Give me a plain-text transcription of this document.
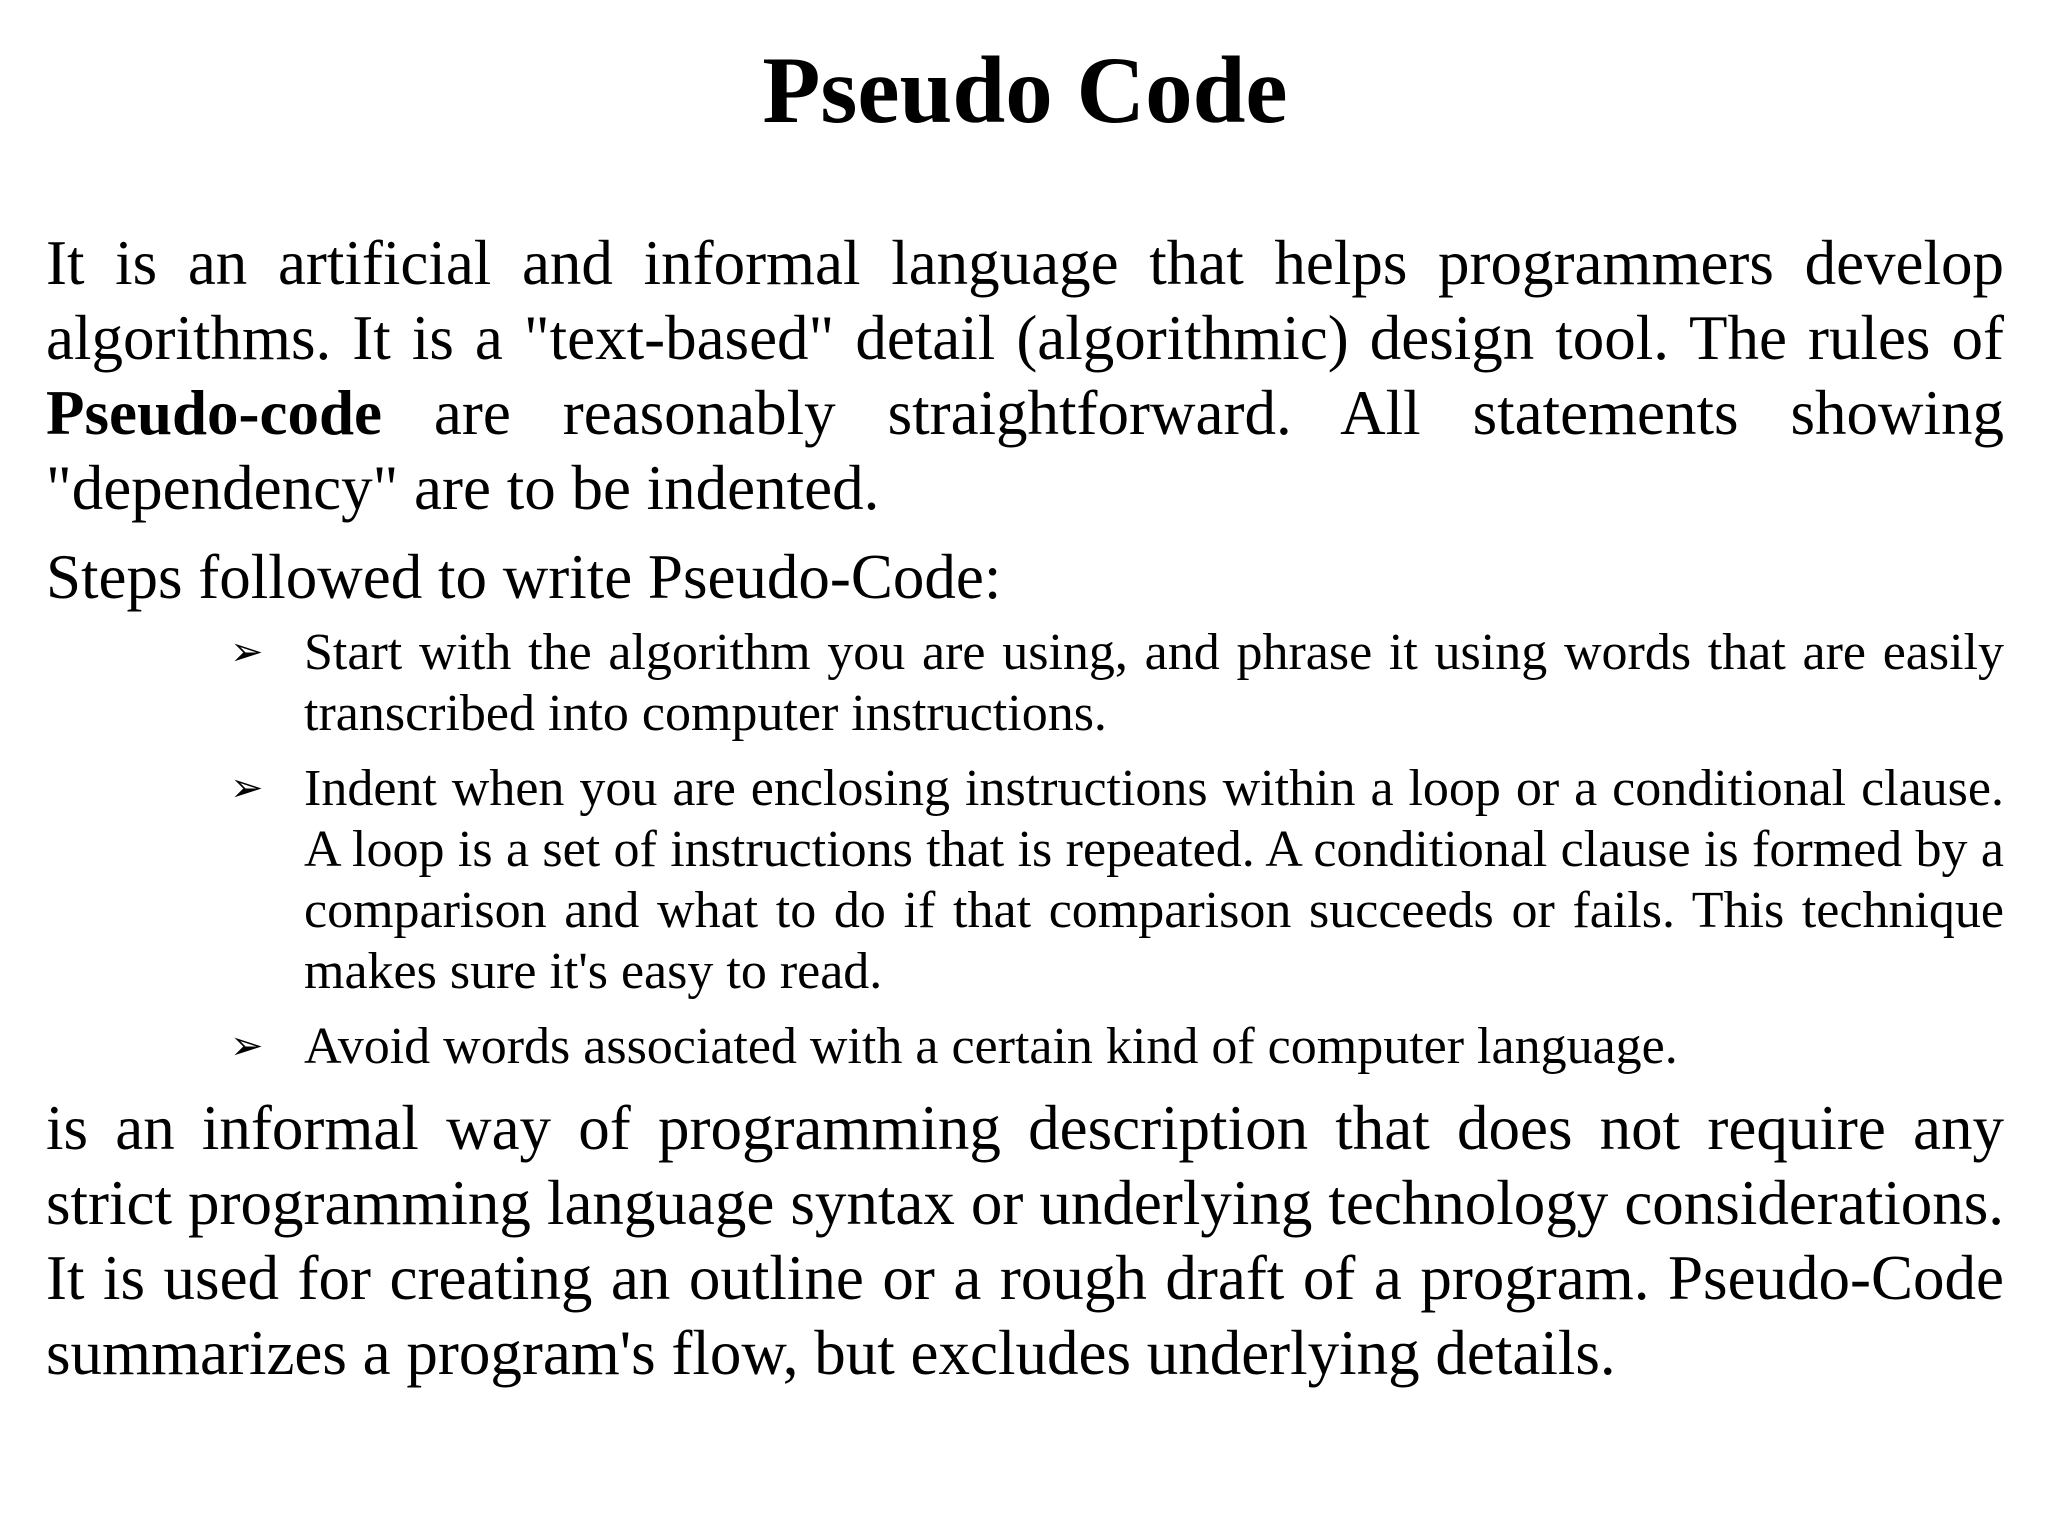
Pseudo Code

It is an artificial and informal language that helps programmers develop algorithms. It is a "text-based" detail (algorithmic) design tool. The rules of Pseudo-code are reasonably straightforward. All statements showing "dependency" are to be indented.

Steps followed to write Pseudo-Code:

➢ Start with the algorithm you are using, and phrase it using words that are easily transcribed into computer instructions.
➢ Indent when you are enclosing instructions within a loop or a conditional clause. A loop is a set of instructions that is repeated. A conditional clause is formed by a comparison and what to do if that comparison succeeds or fails. This technique makes sure it's easy to read.
➢ Avoid words associated with a certain kind of computer language.

is an informal way of programming description that does not require any strict programming language syntax or underlying technology considerations. It is used for creating an outline or a rough draft of a program. Pseudo-Code summarizes a program's flow, but excludes underlying details.
